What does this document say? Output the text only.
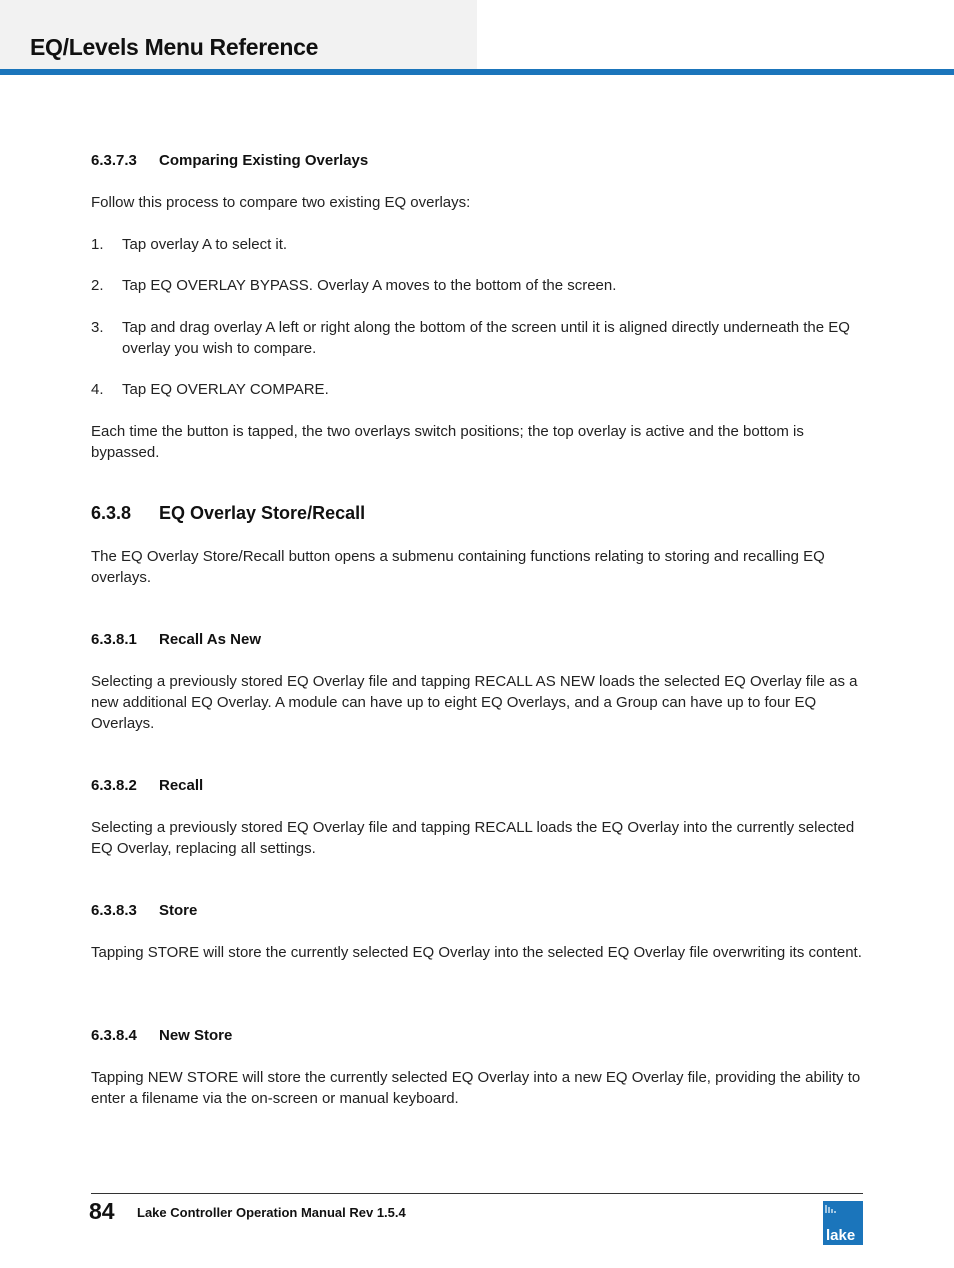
EQ/Levels Menu Reference
6.3.7.3 Comparing Existing Overlays

Follow this process to compare two existing EQ overlays:

1. Tap overlay A to select it.
2. Tap EQ OVERLAY BYPASS. Overlay A moves to the bottom of the screen.
3. Tap and drag overlay A left or right along the bottom of the screen until it is aligned directly underneath the EQ overlay you wish to compare.
4. Tap EQ OVERLAY COMPARE.

Each time the button is tapped, the two overlays switch positions; the top overlay is active and the bottom is bypassed.

6.3.8 EQ Overlay Store/Recall

The EQ Overlay Store/Recall button opens a submenu containing functions relating to storing and recalling EQ overlays.

6.3.8.1 Recall As New

Selecting a previously stored EQ Overlay file and tapping RECALL AS NEW loads the selected EQ Overlay file as a new additional EQ Overlay. A module can have up to eight EQ Overlays, and a Group can have up to four EQ Overlays.

6.3.8.2 Recall

Selecting a previously stored EQ Overlay file and tapping RECALL loads the EQ Overlay into the currently selected EQ Overlay, replacing all settings.

6.3.8.3 Store

Tapping STORE will store the currently selected EQ Overlay into the selected EQ Overlay file overwriting its content.

6.3.8.4 New Store

Tapping NEW STORE will store the currently selected EQ Overlay into a new EQ Overlay file, providing the ability to enter a filename via the on-screen or manual keyboard.

84 Lake Controller Operation Manual Rev 1.5.4
lake
